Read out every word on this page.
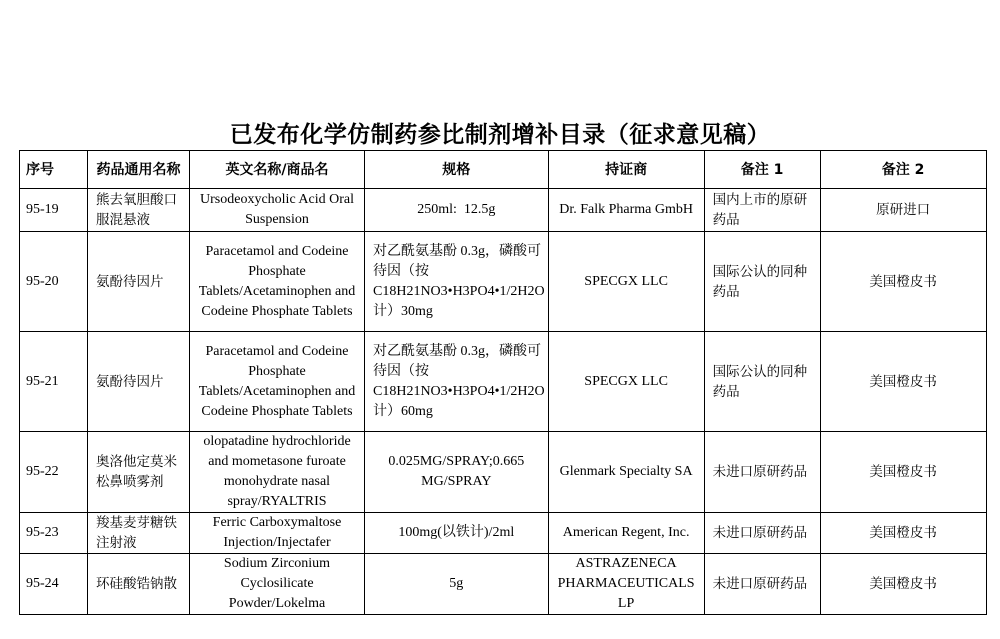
已发布化学仿制药参比制剂增补目录（征求意见稿）
序号	药品通用名称	英文名称/商品名	规格	持证商	备注 1	备注 2
95-19	熊去氧胆酸口服混悬液	Ursodeoxycholic Acid Oral Suspension	250ml:  12.5g	Dr. Falk Pharma GmbH	国内上市的原研药品	原研进口
95-20	氨酚待因片	Paracetamol and Codeine Phosphate Tablets/Acetaminophen and Codeine Phosphate Tablets	对乙酰氨基酚 0.3g，磷酸可待因（按 C18H21NO3•H3PO4•1/2H2O 计）30mg	SPECGX LLC	国际公认的同种药品	美国橙皮书
95-21	氨酚待因片	Paracetamol and Codeine Phosphate Tablets/Acetaminophen and Codeine Phosphate Tablets	对乙酰氨基酚 0.3g，磷酸可待因（按 C18H21NO3•H3PO4•1/2H2O 计）60mg	SPECGX LLC	国际公认的同种药品	美国橙皮书
95-22	奥洛他定莫米松鼻喷雾剂	olopatadine hydrochloride and mometasone furoate monohydrate nasal spray/RYALTRIS	0.025MG/SPRAY;0.665 MG/SPRAY	Glenmark Specialty SA	未进口原研药品	美国橙皮书
95-23	羧基麦芽糖铁注射液	Ferric Carboxymaltose Injection/Injectafer	100mg(以铁计)/2ml	American Regent, Inc.	未进口原研药品	美国橙皮书
95-24	环硅酸锆钠散	Sodium Zirconium Cyclosilicate Powder/Lokelma	5g	ASTRAZENECA PHARMACEUTICALS LP	未进口原研药品	美国橙皮书
